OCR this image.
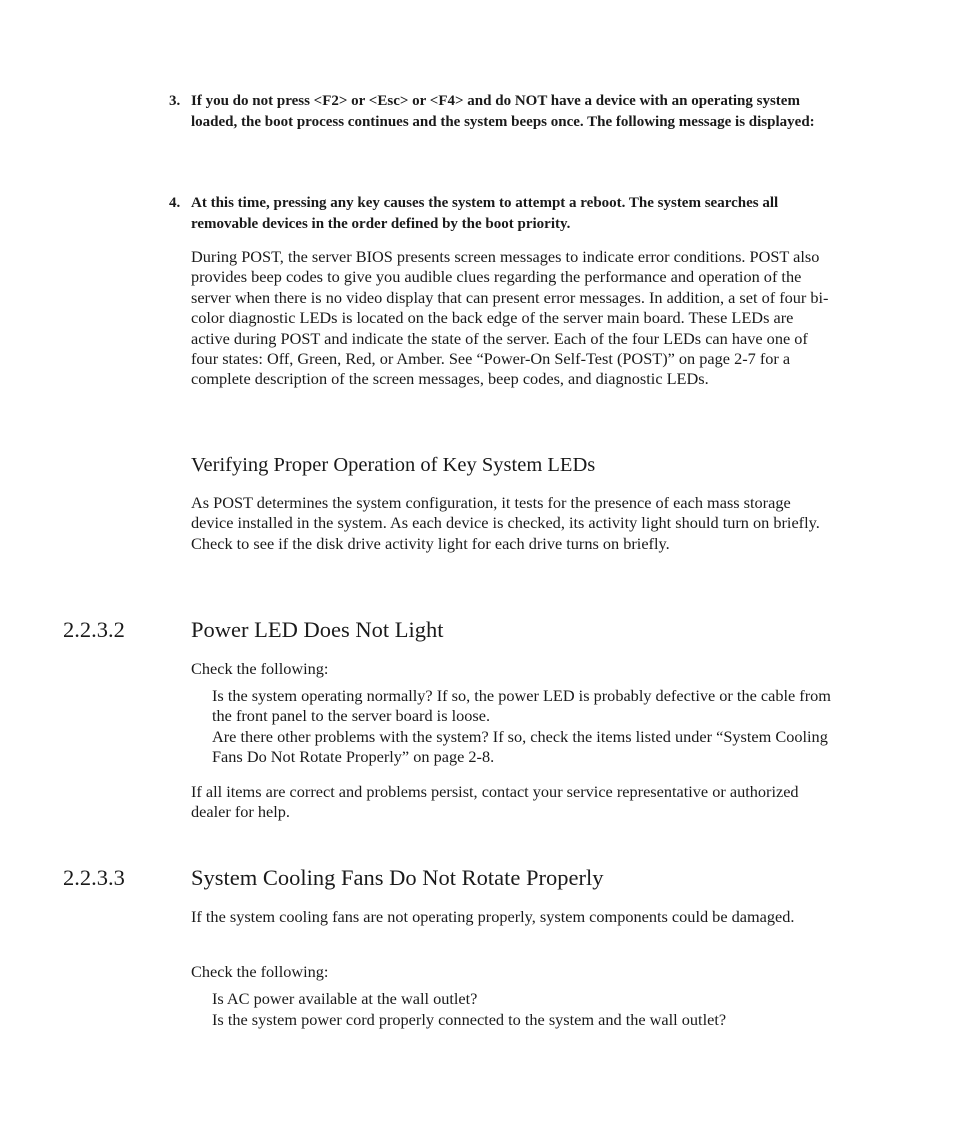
3. If you do not press <F2> or <Esc> or <F4> and do NOT have a device with an operating system loaded, the boot process continues and the system beeps once. The following message is displayed:
4. At this time, pressing any key causes the system to attempt a reboot. The system searches all removable devices in the order defined by the boot priority.
During POST, the server BIOS presents screen messages to indicate error conditions. POST also provides beep codes to give you audible clues regarding the performance and operation of the server when there is no video display that can present error messages. In addition, a set of four bi-color diagnostic LEDs is located on the back edge of the server main board. These LEDs are active during POST and indicate the state of the server. Each of the four LEDs can have one of four states: Off, Green, Red, or Amber. See “Power-On Self-Test (POST)” on page 2-7 for a complete description of the screen messages, beep codes, and diagnostic LEDs.
Verifying Proper Operation of Key System LEDs
As POST determines the system configuration, it tests for the presence of each mass storage device installed in the system. As each device is checked, its activity light should turn on briefly. Check to see if the disk drive activity light for each drive turns on briefly.
2.2.3.2	Power LED Does Not Light
Check the following:
Is the system operating normally? If so, the power LED is probably defective or the cable from the front panel to the server board is loose.
Are there other problems with the system? If so, check the items listed under “System Cooling Fans Do Not Rotate Properly” on page 2-8.
If all items are correct and problems persist, contact your service representative or authorized dealer for help.
2.2.3.3	System Cooling Fans Do Not Rotate Properly
If the system cooling fans are not operating properly, system components could be damaged.
Check the following:
Is AC power available at the wall outlet?
Is the system power cord properly connected to the system and the wall outlet?
